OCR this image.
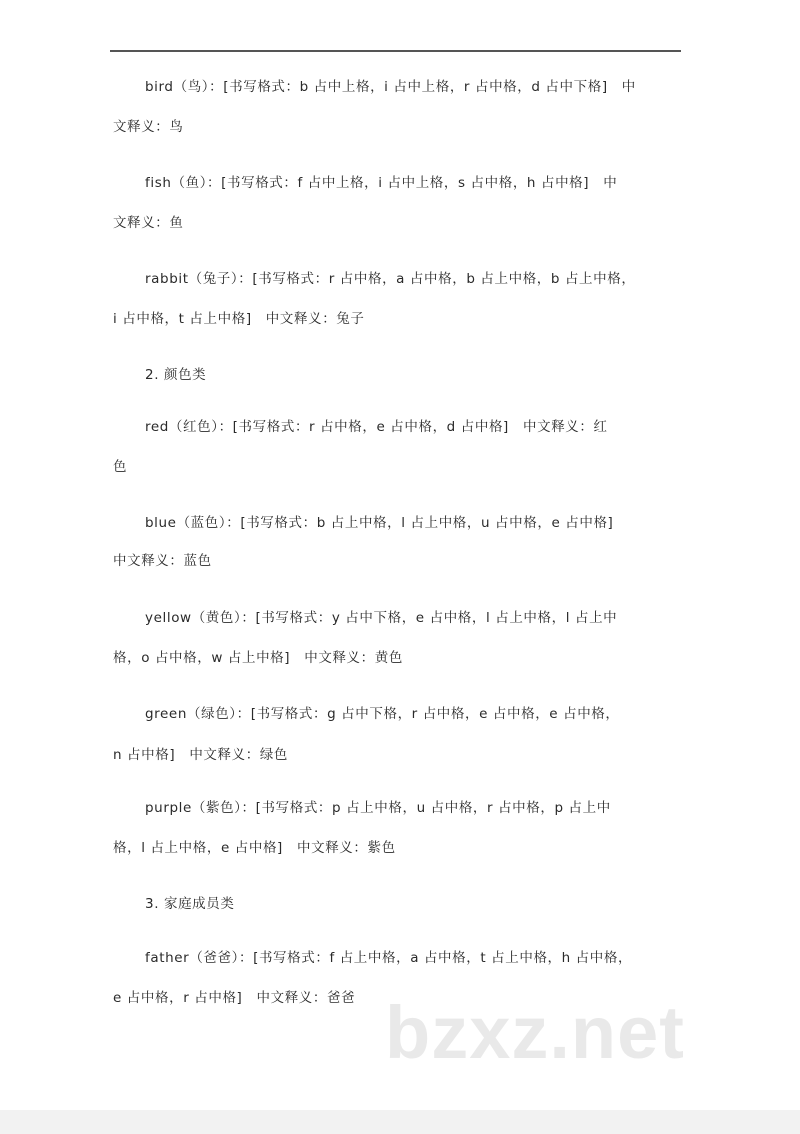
bird（鸟）：[书写格式：b 占中上格，i 占中上格，r 占中格，d 占中下格]　中
文释义：鸟
fish（鱼）：[书写格式：f 占中上格，i 占中上格，s 占中格，h 占中格]　中
文释义：鱼
rabbit（兔子）：[书写格式：r 占中格，a 占中格，b 占上中格，b 占上中格，
i 占中格，t 占上中格]　中文释义：兔子
2. 颜色类
red（红色）：[书写格式：r 占中格，e 占中格，d 占中格]　中文释义：红
色
blue（蓝色）：[书写格式：b 占上中格，l 占上中格，u 占中格，e 占中格]
中文释义：蓝色
yellow（黄色）：[书写格式：y 占中下格，e 占中格，l 占上中格，l 占上中
格，o 占中格，w 占上中格]　中文释义：黄色
green（绿色）：[书写格式：g 占中下格，r 占中格，e 占中格，e 占中格，
n 占中格]　中文释义：绿色
purple（紫色）：[书写格式：p 占上中格，u 占中格，r 占中格，p 占上中
格，l 占上中格，e 占中格]　中文释义：紫色
3. 家庭成员类
father（爸爸）：[书写格式：f 占上中格，a 占中格，t 占上中格，h 占中格，
e 占中格，r 占中格]　中文释义：爸爸 bzxz.net
